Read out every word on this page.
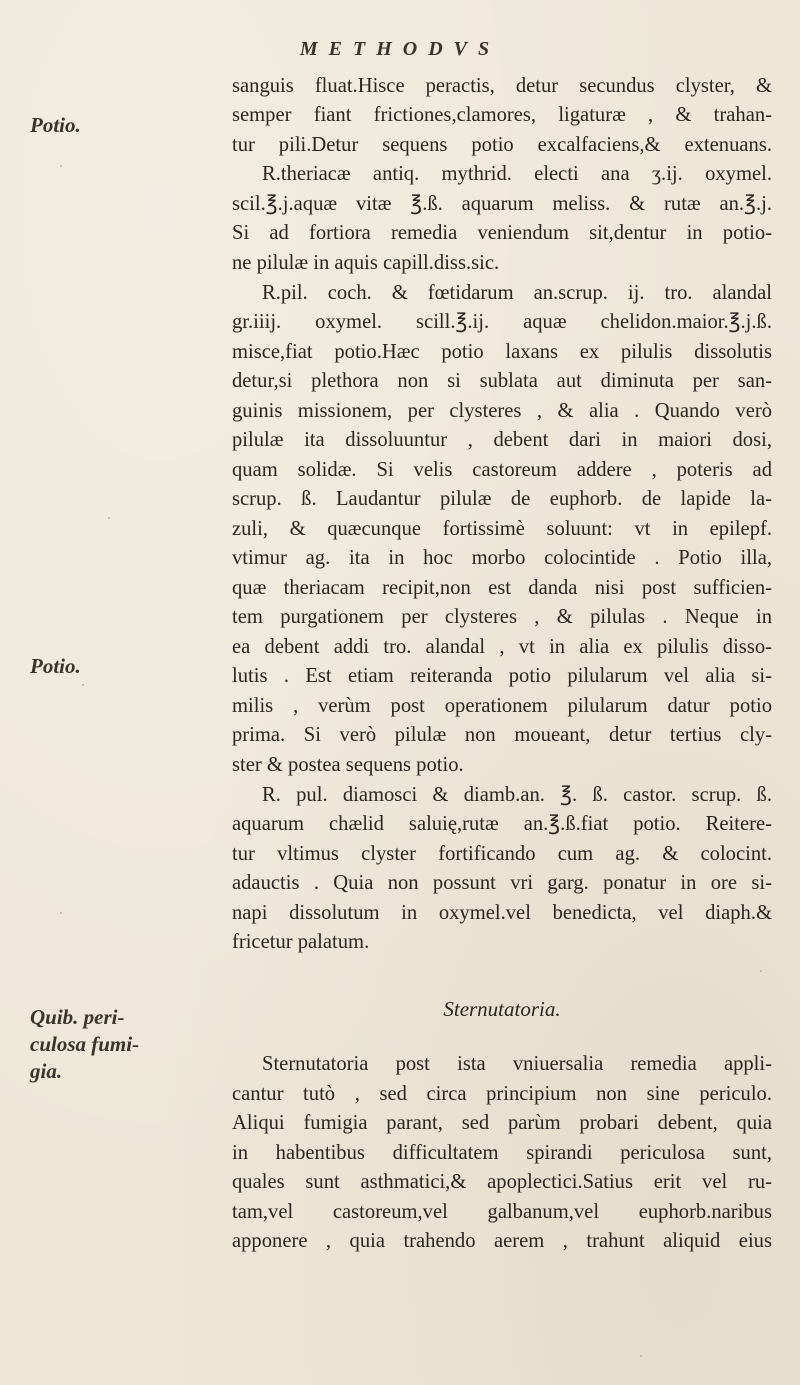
METHODVS
Potio.
Potio.
Quib. peri-
culosa fumi-
gia.
sanguis fluat.Hisce peractis, detur secundus clyster, &
semper fiant frictiones,clamores, ligaturæ , & trahan-
tur pili.Detur sequens potio excalfaciens,& extenuans.
R.theriacæ antiq. mythrid. electi ana ʒ.ij. oxymel.
scil.℥.j.aquæ vitæ ℥.ß. aquarum meliss. & rutæ an.℥.j.
Si ad fortiora remedia veniendum sit,dentur in potio-
ne pilulæ in aquis capill.diss.sic.
R.pil. coch. & fœtidarum an.scrup. ij. tro. alandal
gr.iiij. oxymel. scill.℥.ij. aquæ chelidon.maior.℥.j.ß.
misce,fiat potio.Hæc potio laxans ex pilulis dissolutis
detur,si plethora non si sublata aut diminuta per san-
guinis missionem, per clysteres , & alia . Quando verò
pilulæ ita dissoluuntur , debent dari in maiori dosi,
quam solidæ. Si velis castoreum addere , poteris ad
scrup. ß. Laudantur pilulæ de euphorb. de lapide la-
zuli, & quæcunque fortissimè soluunt: vt in epilepf.
vtimur ag. ita in hoc morbo colocintide . Potio illa,
quæ theriacam recipit,non est danda nisi post sufficien-
tem purgationem per clysteres , & pilulas . Neque in
ea debent addi tro. alandal , vt in alia ex pilulis disso-
lutis . Est etiam reiteranda potio pilularum vel alia si-
milis , verùm post operationem pilularum datur potio
prima. Si verò pilulæ non moueant, detur tertius cly-
ster & postea sequens potio.
R. pul. diamosci & diamb.an. ℥. ß. castor. scrup. ß.
aquarum chælid saluię,rutæ an.℥.ß.fiat potio. Reitere-
tur vltimus clyster fortificando cum ag. & colocint.
adauctis . Quia non possunt vri garg. ponatur in ore si-
napi dissolutum in oxymel.vel benedicta, vel diaph.&
fricetur palatum.
Sternutatoria.
Sternutatoria post ista vniuersalia remedia appli-
cantur tutò , sed circa principium non sine periculo.
Aliqui fumigia parant, sed parùm probari debent, quia
in habentibus difficultatem spirandi periculosa sunt,
quales sunt asthmatici,& apoplectici.Satius erit vel ru-
tam,vel castoreum,vel galbanum,vel euphorb.naribus
apponere , quia trahendo aerem , trahunt aliquid eius
